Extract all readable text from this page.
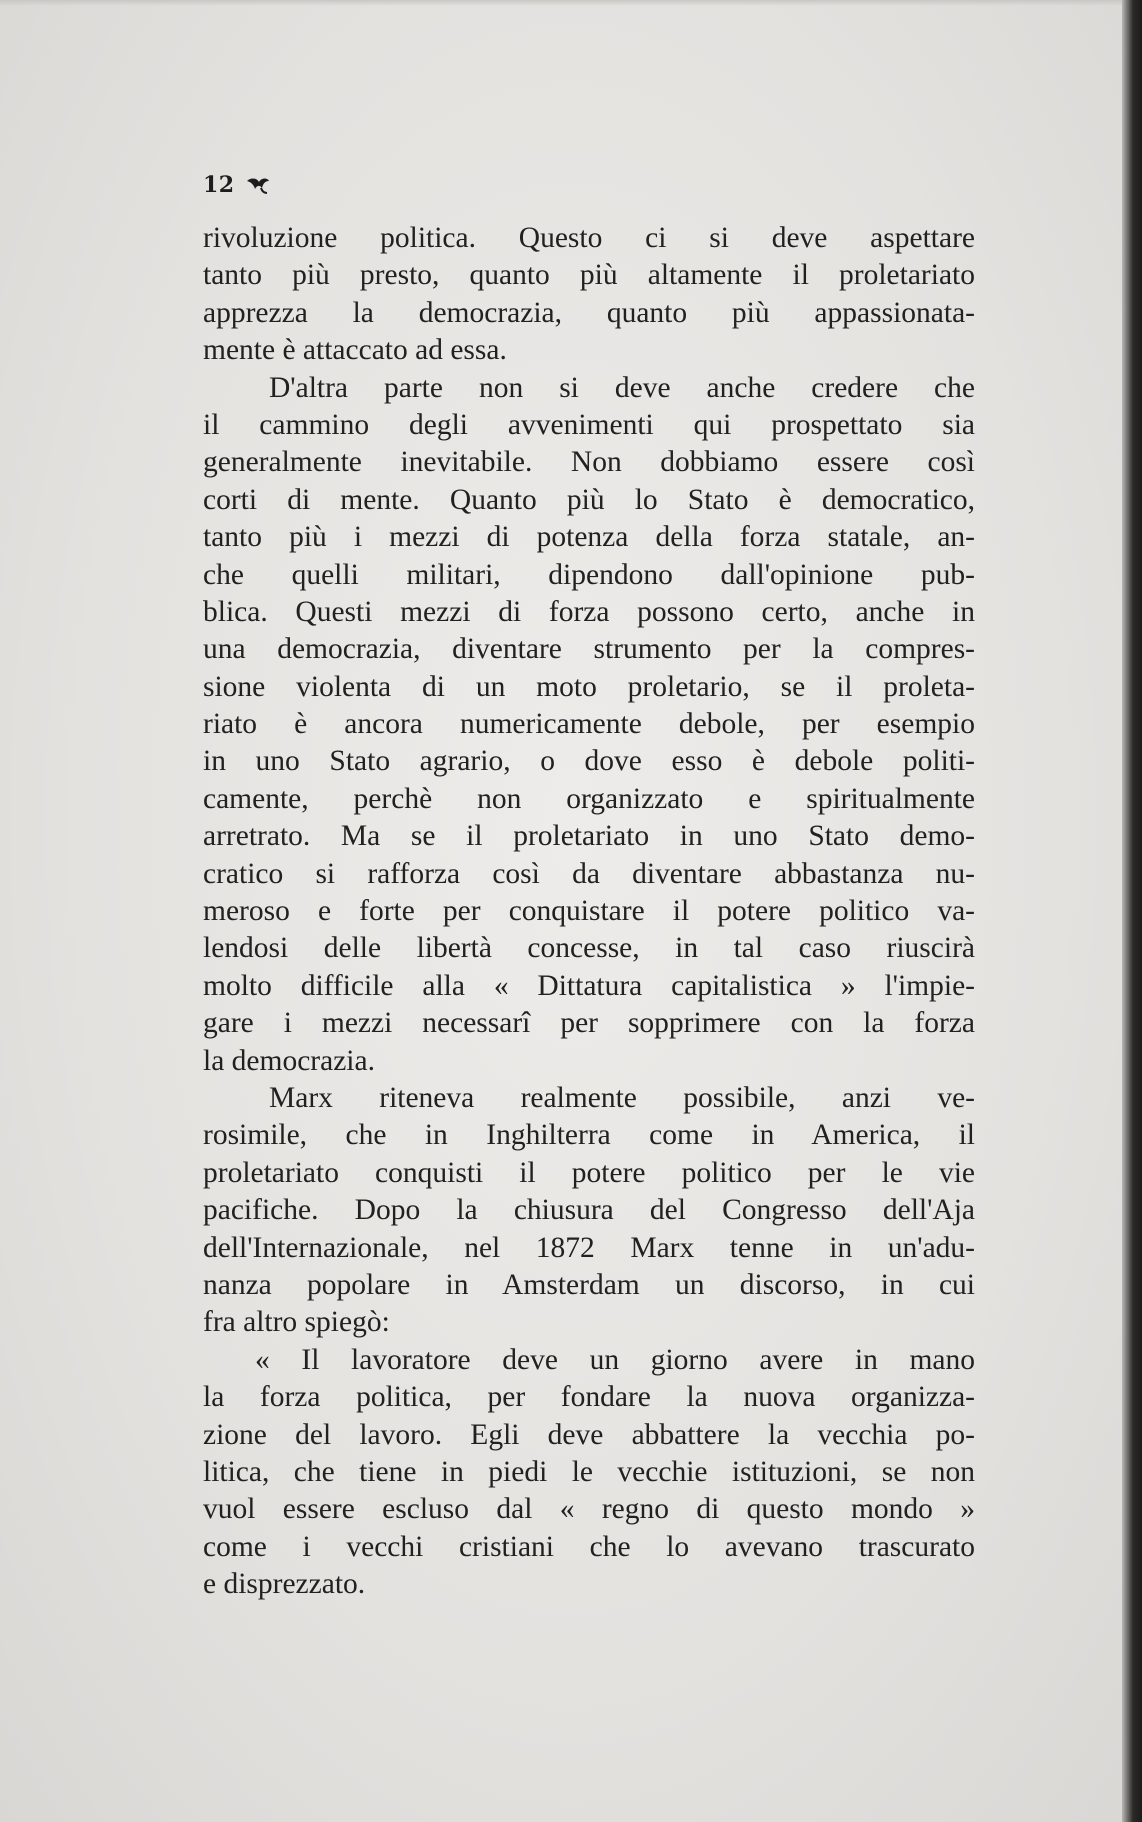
12
rivoluzione politica. Questo ci si deve aspettare
tanto più presto, quanto più altamente il proletariato
apprezza la democrazia, quanto più appassionata-
mente è attaccato ad essa.
D'altra parte non si deve anche credere che
il cammino degli avvenimenti qui prospettato sia
generalmente inevitabile. Non dobbiamo essere così
corti di mente. Quanto più lo Stato è democratico,
tanto più i mezzi di potenza della forza statale, an-
che quelli militari, dipendono dall'opinione pub-
blica. Questi mezzi di forza possono certo, anche in
una democrazia, diventare strumento per la compres-
sione violenta di un moto proletario, se il proleta-
riato è ancora numericamente debole, per esempio
in uno Stato agrario, o dove esso è debole politi-
camente, perchè non organizzato e spiritualmente
arretrato. Ma se il proletariato in uno Stato demo-
cratico si rafforza così da diventare abbastanza nu-
meroso e forte per conquistare il potere politico va-
lendosi delle libertà concesse, in tal caso riuscirà
molto difficile alla « Dittatura capitalistica » l'impie-
gare i mezzi necessarî per sopprimere con la forza
la democrazia.
Marx riteneva realmente possibile, anzi ve-
rosimile, che in Inghilterra come in America, il
proletariato conquisti il potere politico per le vie
pacifiche. Dopo la chiusura del Congresso dell'Aja
dell'Internazionale, nel 1872 Marx tenne in un'adu-
nanza popolare in Amsterdam un discorso, in cui
fra altro spiegò:
« Il lavoratore deve un giorno avere in mano
la forza politica, per fondare la nuova organizza-
zione del lavoro. Egli deve abbattere la vecchia po-
litica, che tiene in piedi le vecchie istituzioni, se non
vuol essere escluso dal « regno di questo mondo »
come i vecchi cristiani che lo avevano trascurato
e disprezzato.
